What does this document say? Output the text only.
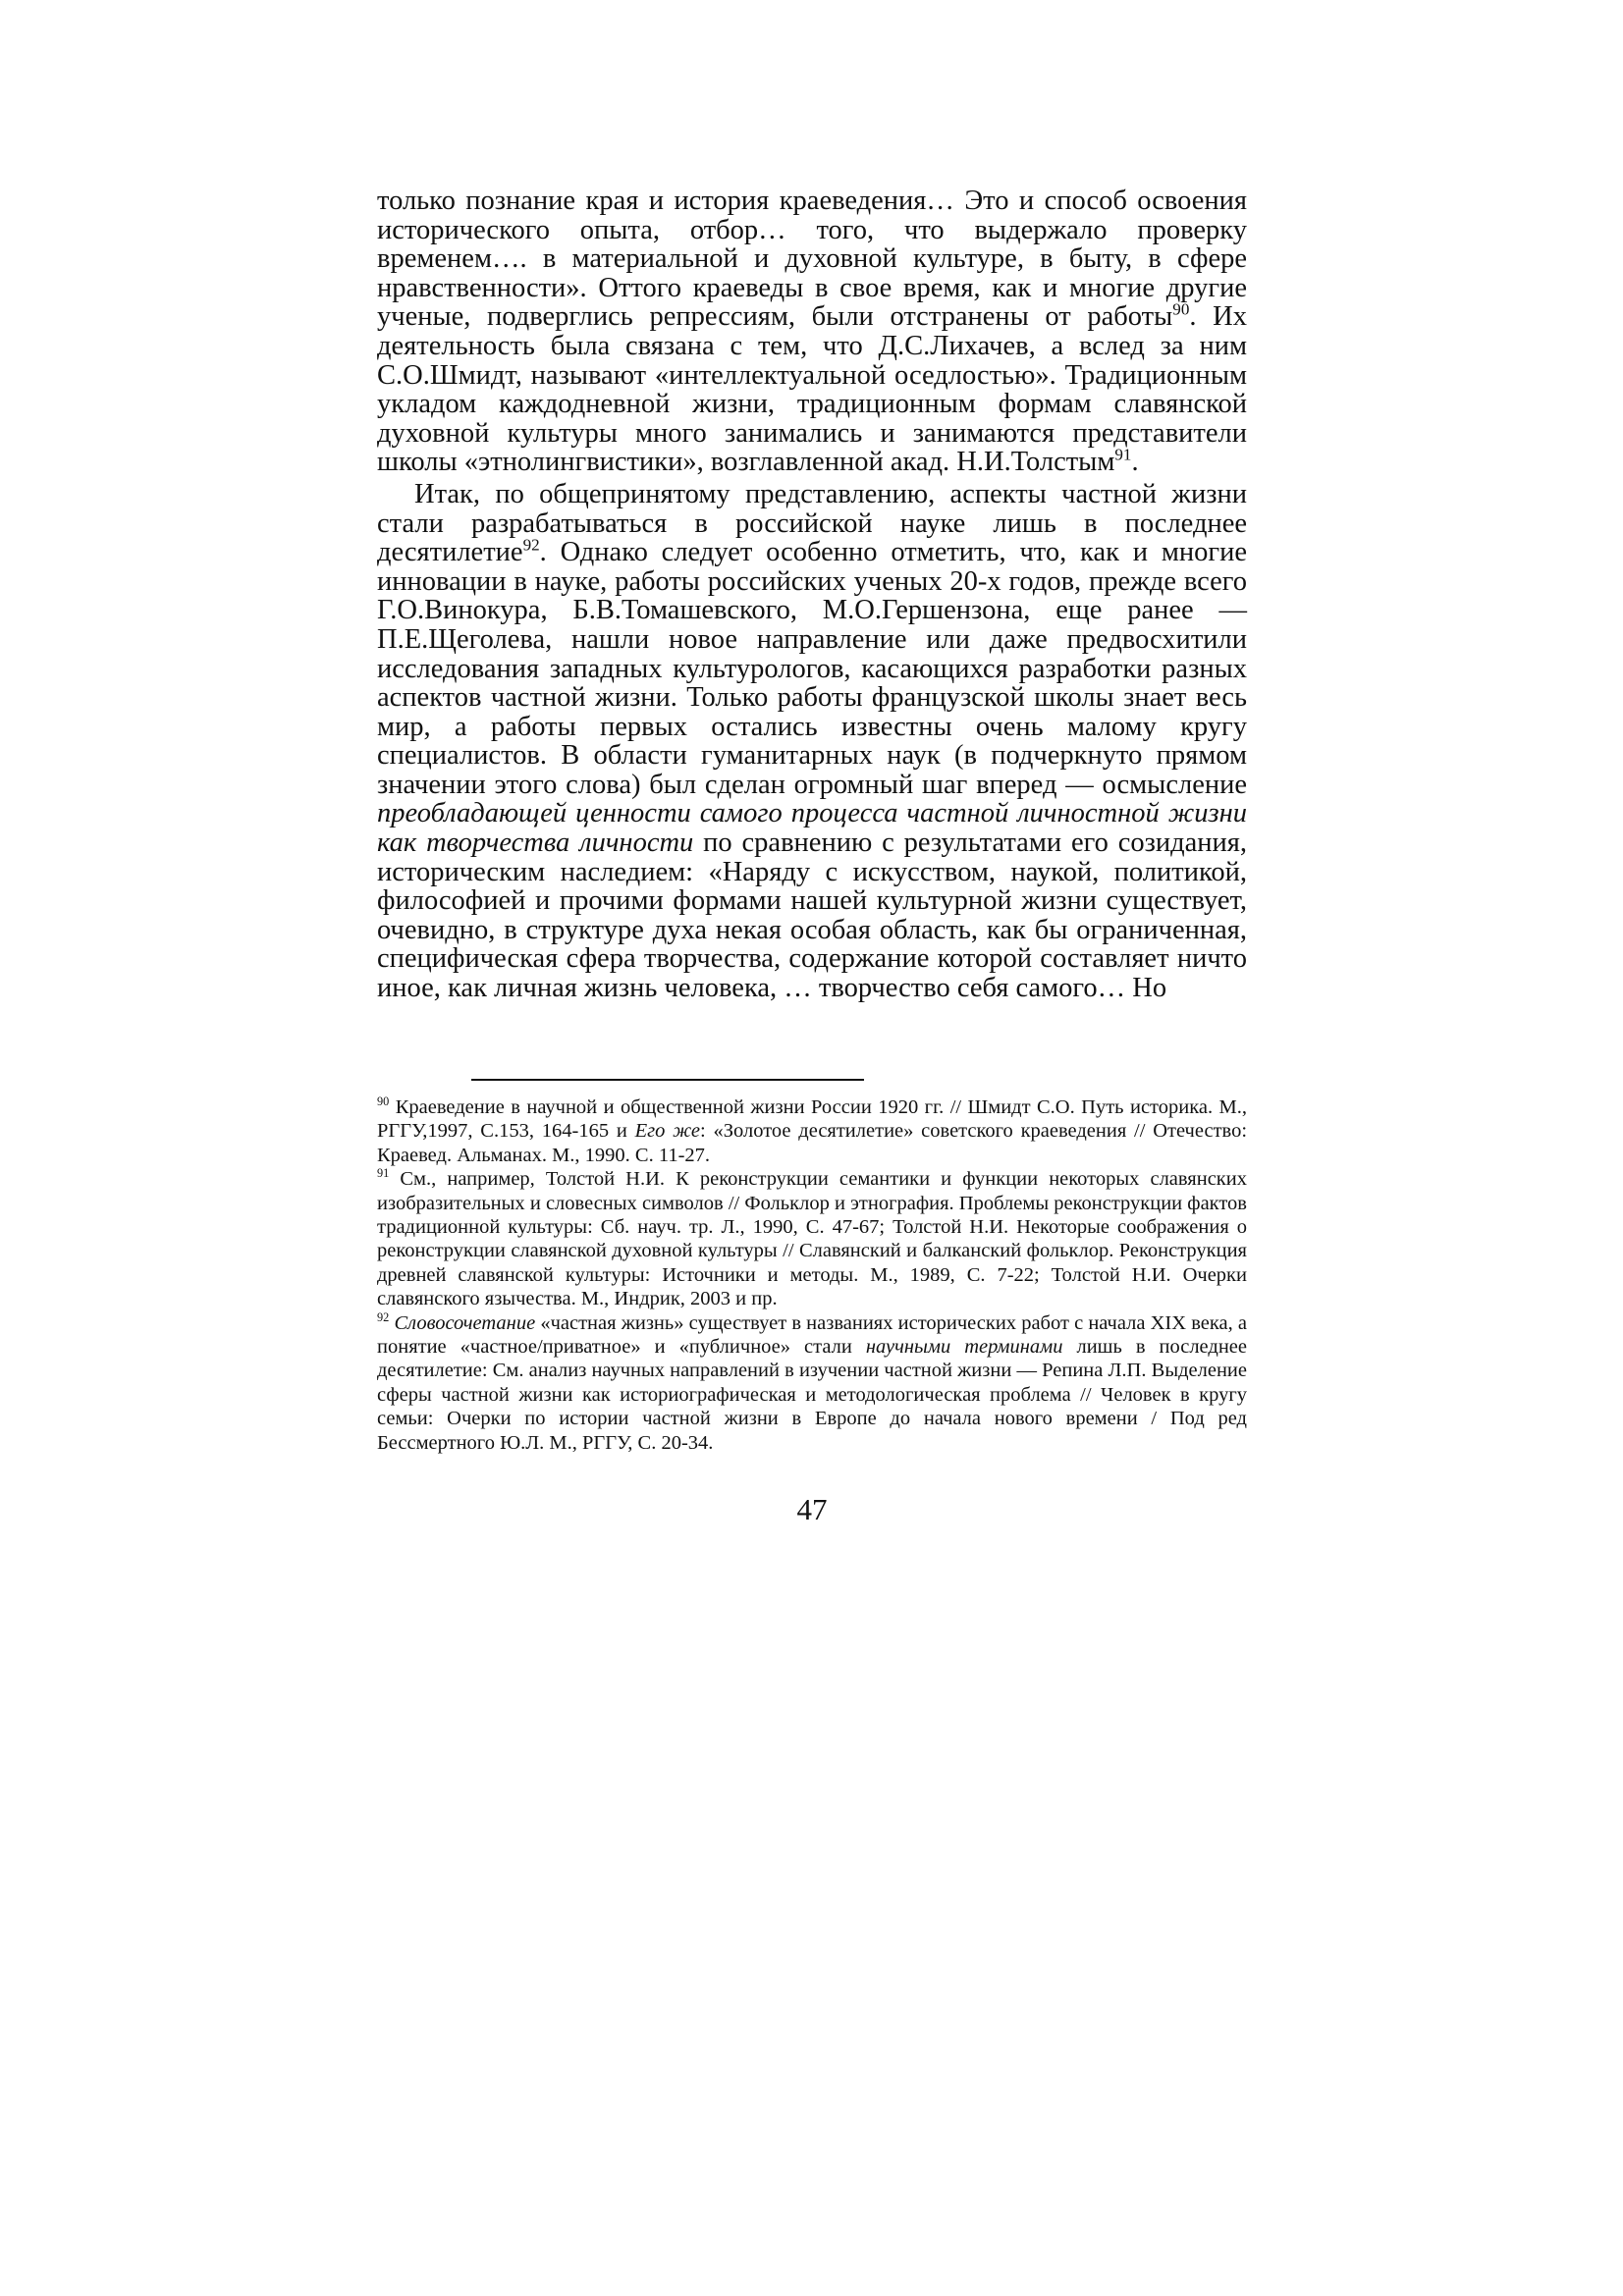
только познание края и история краеведения… Это и способ освоения исторического опыта, отбор… того, что выдержало проверку временем…. в материальной и духовной культуре, в быту, в сфере нравственности». Оттого краеведы в свое время, как и многие другие ученые, подверглись репрессиям, были отстранены от работы$^{90}$. Их деятельность была связана с тем, что Д.С.Лихачев, а вслед за ним С.О.Шмидт, называют «интеллектуальной оседлостью». Традиционным укладом каждодневной жизни, традиционным формам славянской духовной культуры много занимались и занимаются представители школы «этнолингвистики», возглавленной акад. Н.И.Толстым$^{91}$.

Итак, по общепринятому представлению, аспекты частной жизни стали разрабатываться в российской науке лишь в последнее десятилетие$^{92}$. Однако следует особенно отметить, что, как и многие инновации в науке, работы российских ученых 20-х годов, прежде всего Г.О.Винокура, Б.В.Томашевского, М.О.Гершензона, еще ранее — П.Е.Щеголева, нашли новое направление или даже предвосхитили исследования западных культурологов, касающихся разработки разных аспектов частной жизни. Только работы французской школы знает весь мир, а работы первых остались известны очень малому кругу специалистов. В области гуманитарных наук (в подчеркнуто прямом значении этого слова) был сделан огромный шаг вперед — осмысление преобладающей ценности самого процесса частной личностной жизни как творчества личности по сравнению с результатами его созидания, историческим наследием: «Наряду с искусством, наукой, политикой, философией и прочими формами нашей культурной жизни существует, очевидно, в структуре духа некая особая область, как бы ограниченная, специфическая сфера творчества, содержание которой составляет ничто иное, как личная жизнь человека, … творчество себя самого… Но

$^{90}$ Краеведение в научной и общественной жизни России 1920 гг. // Шмидт С.О. Путь историка. М., РГГУ,1997, С.153, 164-165 и Его же: «Золотое десятилетие» советского краеведения // Отечество: Краевед. Альманах. М., 1990. С. 11-27.

$^{91}$ См., например, Толстой Н.И. К реконструкции семантики и функции некоторых славянских изобразительных и словесных символов // Фольклор и этнография. Проблемы реконструкции фактов традиционной культуры: Сб. науч. тр. Л., 1990, С. 47-67; Толстой Н.И. Некоторые соображения о реконструкции славянской духовной культуры // Славянский и балканский фольклор. Реконструкция древней славянской культуры: Источники и методы. М., 1989, С. 7-22; Толстой Н.И. Очерки славянского язычества. М., Индрик, 2003 и пр.

$^{92}$ Словосочетание «частная жизнь» существует в названиях исторических работ с начала XIX века, а понятие «частное/приватное» и «публичное» стали научными терминами лишь в последнее десятилетие: См. анализ научных направлений в изучении частной жизни — Репина Л.П. Выделение сферы частной жизни как историографическая и методологическая проблема // Человек в кругу семьи: Очерки по истории частной жизни в Европе до начала нового времени / Под ред Бессмертного Ю.Л. М., РГГУ, С. 20-34.

47
